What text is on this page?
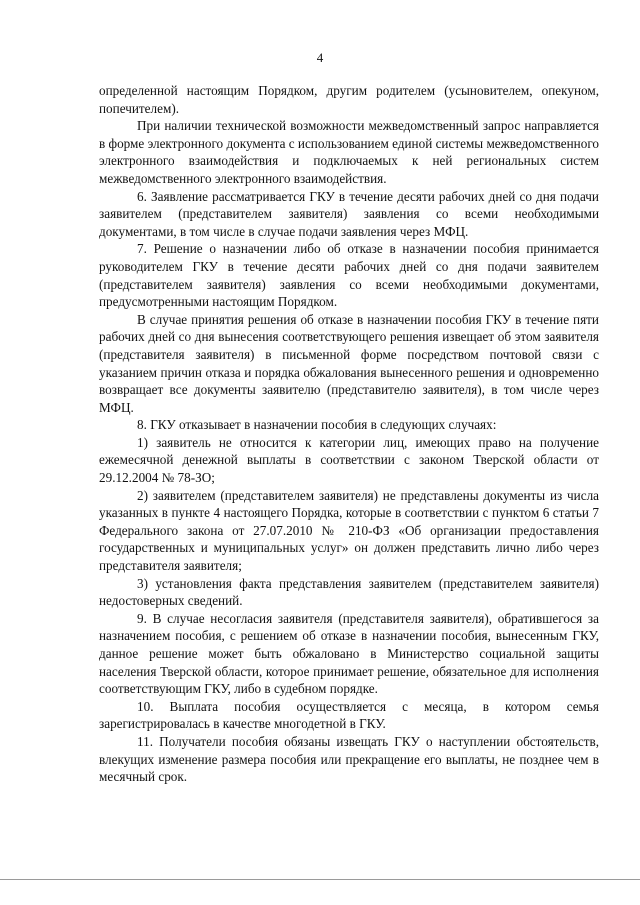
4

определенной настоящим Порядком, другим родителем (усыновителем, опекуном, попечителем).

При наличии технической возможности межведомственный запрос направляется в форме электронного документа с использованием единой системы межведомственного электронного взаимодействия и подключаемых к ней региональных систем межведомственного электронного взаимодействия.

6. Заявление рассматривается ГКУ в течение десяти рабочих дней со дня подачи заявителем (представителем заявителя) заявления со всеми необходимыми документами, в том числе в случае подачи заявления через МФЦ.

7. Решение о назначении либо об отказе в назначении пособия принимается руководителем ГКУ в течение десяти рабочих дней со дня подачи заявителем (представителем заявителя) заявления со всеми необходимыми документами, предусмотренными настоящим Порядком.

В случае принятия решения об отказе в назначении пособия ГКУ в течение пяти рабочих дней со дня вынесения соответствующего решения извещает об этом заявителя (представителя заявителя) в письменной форме посредством почтовой связи с указанием причин отказа и порядка обжалования вынесенного решения и одновременно возвращает все документы заявителю (представителю заявителя), в том числе через МФЦ.

8. ГКУ отказывает в назначении пособия в следующих случаях:

1) заявитель не относится к категории лиц, имеющих право на получение ежемесячной денежной выплаты в соответствии с законом Тверской области от 29.12.2004 № 78-ЗО;

2) заявителем (представителем заявителя) не представлены документы из числа указанных в пункте 4 настоящего Порядка, которые в соответствии с пунктом 6 статьи 7 Федерального закона от 27.07.2010 № 210-ФЗ «Об организации предоставления государственных и муниципальных услуг» он должен представить лично либо через представителя заявителя;

3) установления факта представления заявителем (представителем заявителя) недостоверных сведений.

9. В случае несогласия заявителя (представителя заявителя), обратившегося за назначением пособия, с решением об отказе в назначении пособия, вынесенным ГКУ, данное решение может быть обжаловано в Министерство социальной защиты населения Тверской области, которое принимает решение, обязательное для исполнения соответствующим ГКУ, либо в судебном порядке.

10. Выплата пособия осуществляется с месяца, в котором семья зарегистрировалась в качестве многодетной в ГКУ.

11. Получатели пособия обязаны извещать ГКУ о наступлении обстоятельств, влекущих изменение размера пособия или прекращение его выплаты, не позднее чем в месячный срок.
